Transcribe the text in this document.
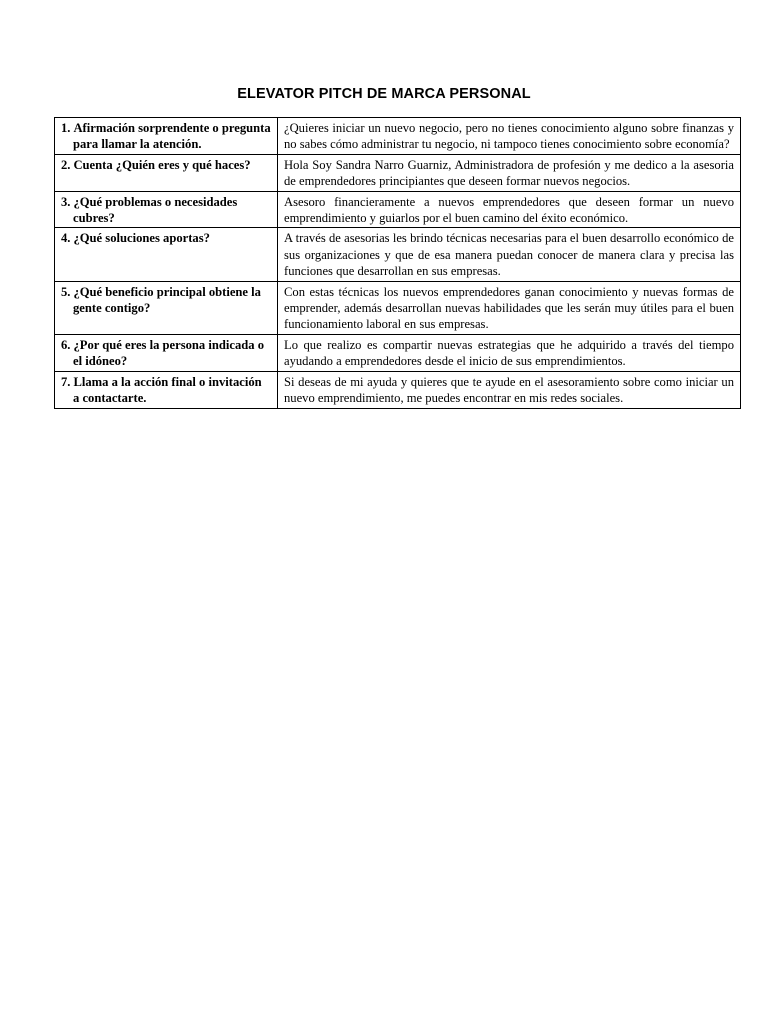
ELEVATOR PITCH DE MARCA PERSONAL
1. Afirmación sorprendente o pregunta para llamar la atención.	¿Quieres iniciar un nuevo negocio, pero no tienes conocimiento alguno sobre finanzas y no sabes cómo administrar tu negocio, ni tampoco tienes conocimiento sobre economía?

2. Cuenta ¿Quién eres y qué haces?	Hola Soy Sandra Narro Guarniz, Administradora de profesión y me dedico a la asesoria de emprendedores principiantes que deseen formar nuevos negocios.

3. ¿Qué problemas o necesidades cubres?	Asesoro financieramente a nuevos emprendedores que deseen formar un nuevo emprendimiento y guiarlos por el buen camino del éxito económico.

4. ¿Qué soluciones aportas?	A través de asesorias les brindo técnicas necesarias para el buen desarrollo económico de sus organizaciones y que de esa manera puedan conocer de manera clara y precisa las funciones que desarrollan en sus empresas.

5. ¿Qué beneficio principal obtiene la gente contigo?	Con estas técnicas los nuevos emprendedores ganan conocimiento y nuevas formas de emprender, además desarrollan nuevas habilidades que les serán muy útiles para el buen funcionamiento laboral en sus empresas.

6. ¿Por qué eres la persona indicada o el idóneo?	Lo que realizo es compartir nuevas estrategias que he adquirido a través del tiempo ayudando a emprendedores desde el inicio de sus emprendimientos.

7. Llama a la acción final o invitación a contactarte.	Si deseas de mi ayuda y quieres que te ayude en el asesoramiento sobre como iniciar un nuevo emprendimiento, me puedes encontrar en mis redes sociales.
